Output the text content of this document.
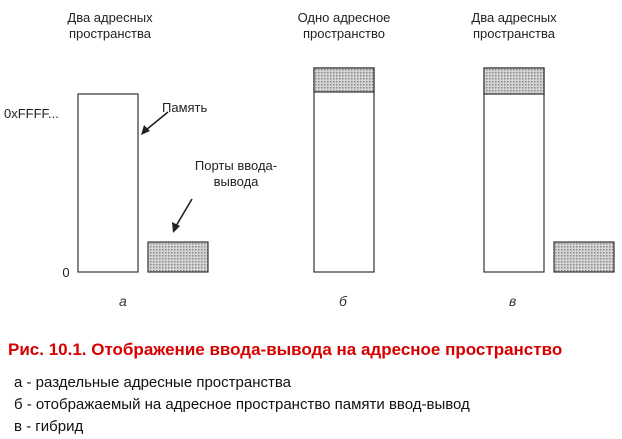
Два адресных пространства
0xFFFF...
0
Память
Порты ввода-вывода
а
Одно адресное пространство
б
Два адресных пространства
в
Рис. 10.1. Отображение ввода-вывода на адресное пространство
а - раздельные адресные пространства
б - отображаемый на адресное пространство памяти ввод-вывод
в - гибрид
